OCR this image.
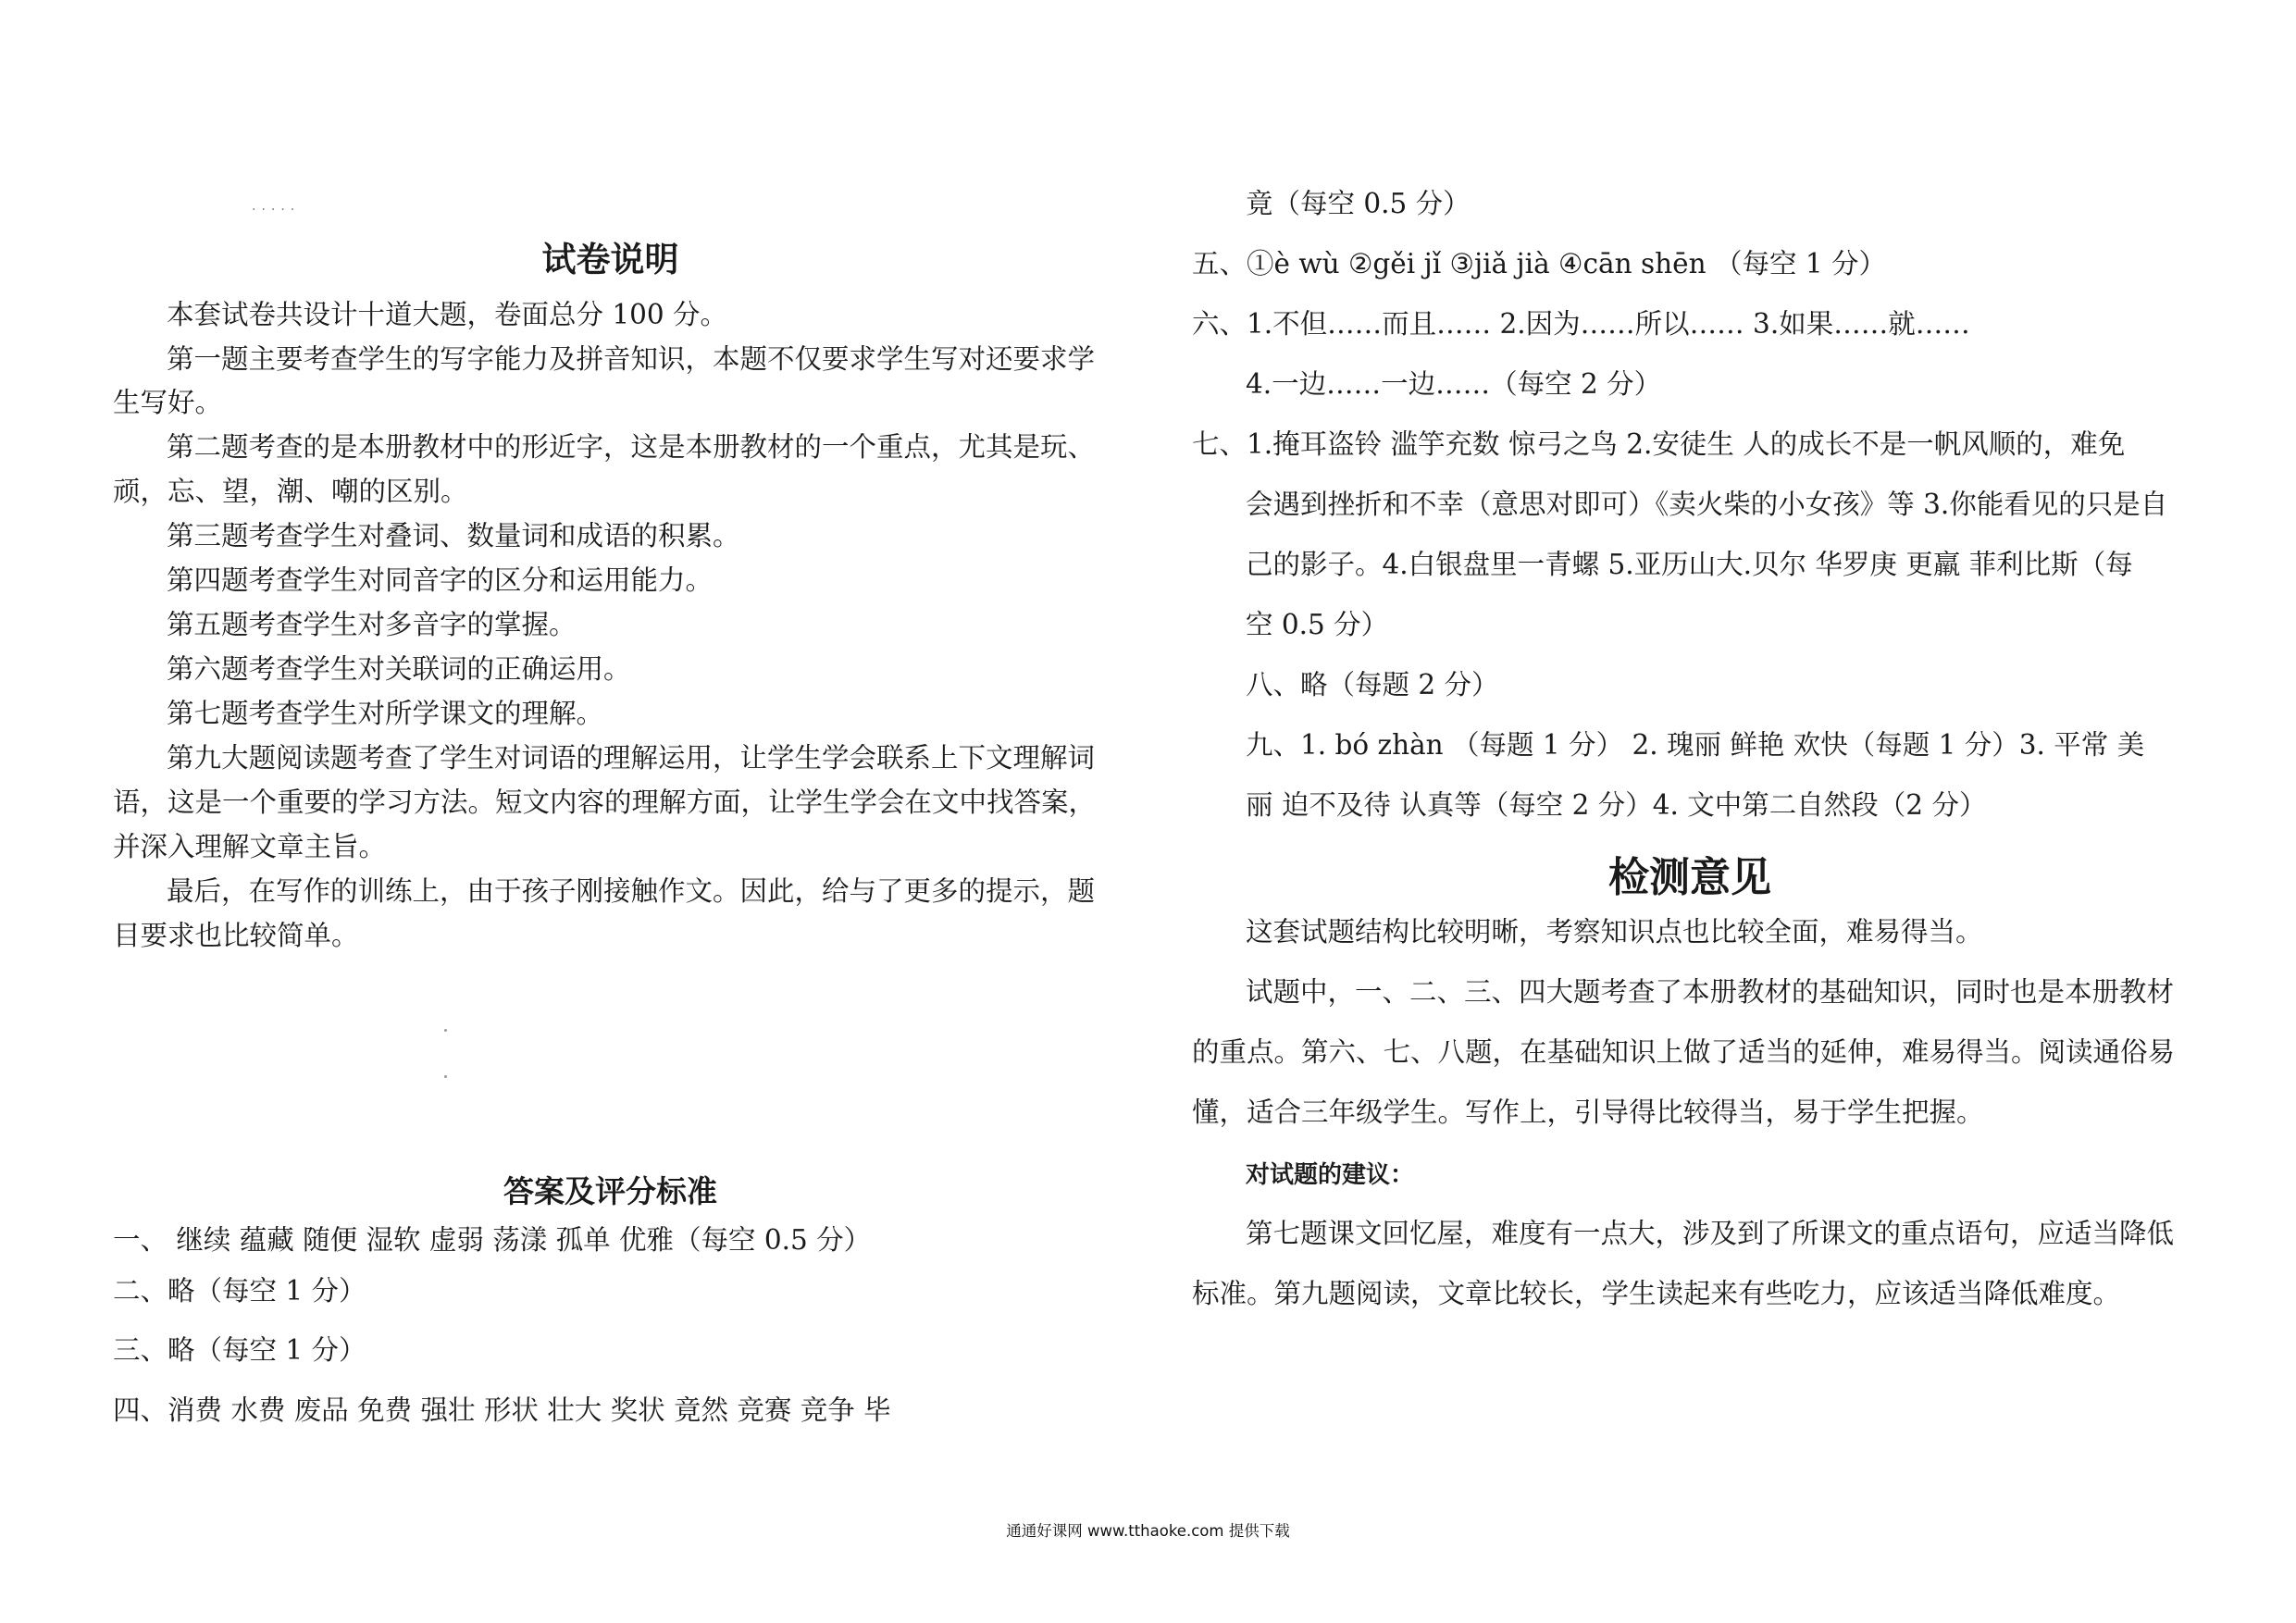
.....
试卷说明
本套试卷共设计十道大题，卷面总分 100 分。
第一题主要考查学生的写字能力及拼音知识，本题不仅要求学生写对还要求学
生写好。
第二题考查的是本册教材中的形近字，这是本册教材的一个重点，尤其是玩、
顽，忘、望，潮、嘲的区别。
第三题考查学生对叠词、数量词和成语的积累。
第四题考查学生对同音字的区分和运用能力。
第五题考查学生对多音字的掌握。
第六题考查学生对关联词的正确运用。
第七题考查学生对所学课文的理解。
第九大题阅读题考查了学生对词语的理解运用，让学生学会联系上下文理解词
语，这是一个重要的学习方法。短文内容的理解方面，让学生学会在文中找答案，
并深入理解文章主旨。
最后，在写作的训练上，由于孩子刚接触作文。因此，给与了更多的提示，题
目要求也比较简单。
答案及评分标准
一、 继续 蕴藏 随便 湿软 虚弱 荡漾 孤单 优雅（每空 0.5 分）
二、略（每空 1 分）
三、略（每空 1 分）
四、消费 水费 废品 免费 强壮 形状 壮大 奖状 竟然 竞赛 竞争 毕
竟（每空 0.5 分）
五、①è wù ②gěi jǐ ③jiǎ jià ④cān shēn （每空 1 分）
六、1.不但……而且…… 2.因为……所以…… 3.如果……就……
4.一边……一边……（每空 2 分）
七、1.掩耳盗铃 滥竽充数 惊弓之鸟 2.安徒生 人的成长不是一帆风顺的，难免
会遇到挫折和不幸（意思对即可）《卖火柴的小女孩》等 3.你能看见的只是自
己的影子。4.白银盘里一青螺 5.亚历山大.贝尔 华罗庚 更羸 菲利比斯（每
空 0.5 分）
八、略（每题 2 分）
九、1. bó zhàn （每题 1 分） 2. 瑰丽 鲜艳 欢快（每题 1 分）3. 平常 美
丽 迫不及待 认真等（每空 2 分）4. 文中第二自然段（2 分）
检测意见
这套试题结构比较明晰，考察知识点也比较全面，难易得当。
试题中，一、二、三、四大题考查了本册教材的基础知识，同时也是本册教材
的重点。第六、七、八题，在基础知识上做了适当的延伸，难易得当。阅读通俗易
懂，适合三年级学生。写作上，引导得比较得当，易于学生把握。
对试题的建议：
第七题课文回忆屋，难度有一点大，涉及到了所课文的重点语句，应适当降低
标准。第九题阅读，文章比较长，学生读起来有些吃力，应该适当降低难度。
通通好课网 www.tthaoke.com 提供下载
